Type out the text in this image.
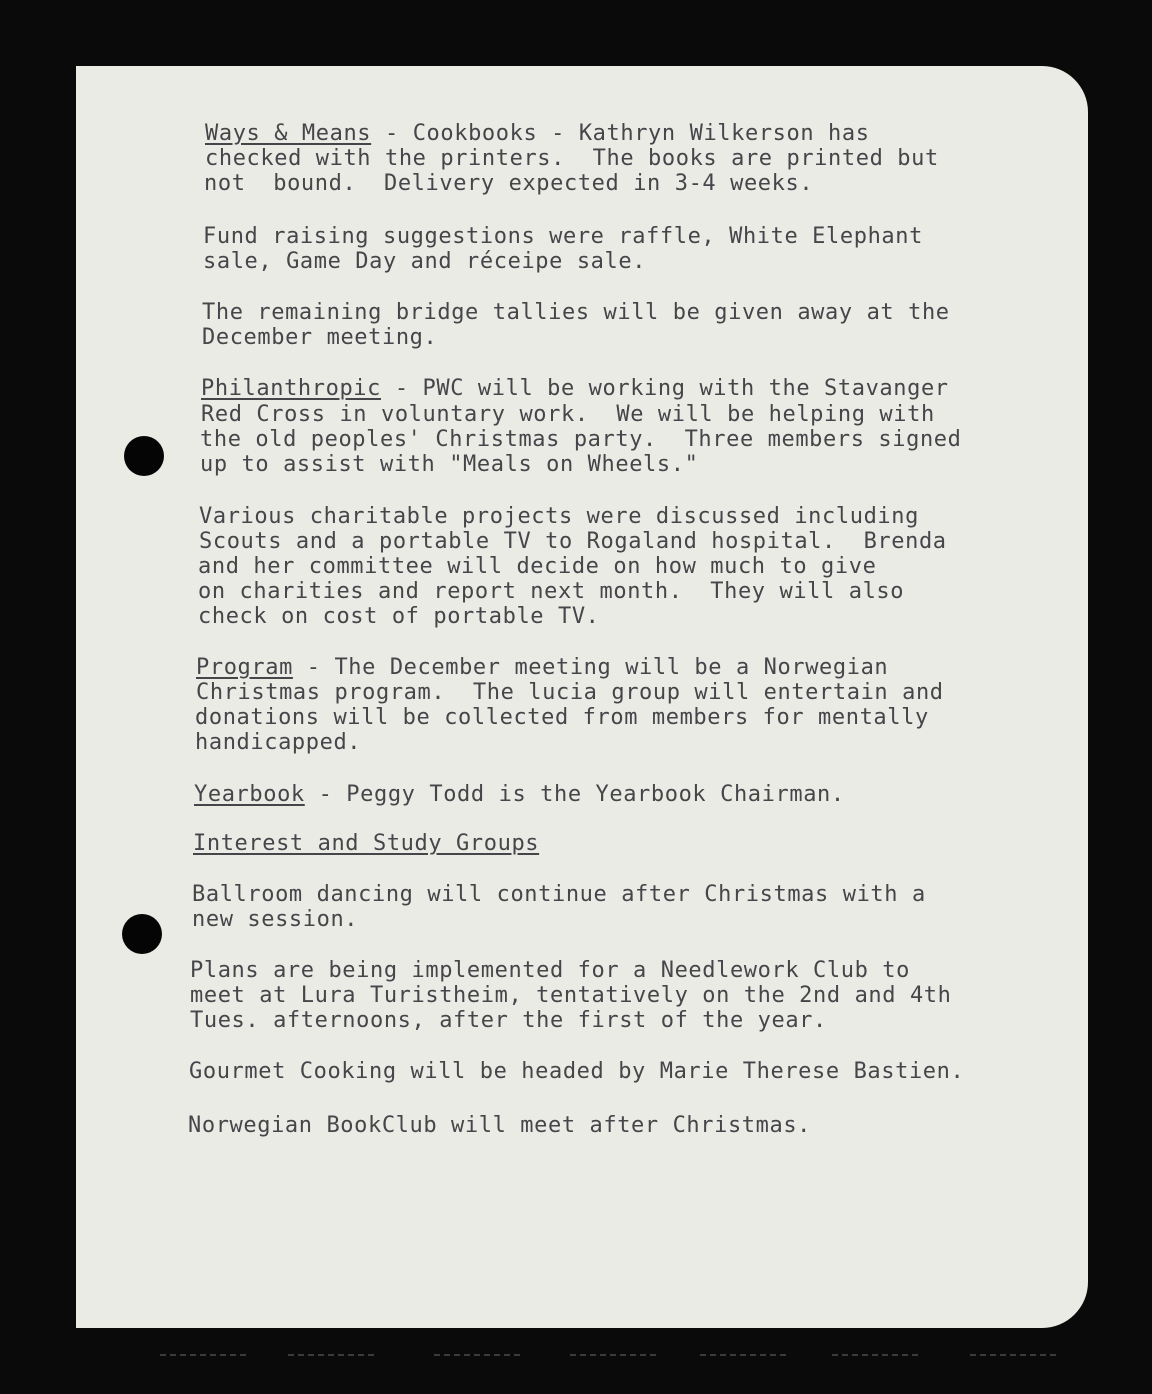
Ways & Means - Cookbooks - Kathryn Wilkerson has

checked with the printers.  The books are printed but

not  bound.  Delivery expected in 3-4 weeks.

Fund raising suggestions were raffle, White Elephant

sale, Game Day and réceipe sale.

The remaining bridge tallies will be given away at the

December meeting.

Philanthropic - PWC will be working with the Stavanger

Red Cross in voluntary work.  We will be helping with

the old peoples' Christmas party.  Three members signed

up to assist with "Meals on Wheels."

Various charitable projects were discussed including

Scouts and a portable TV to Rogaland hospital.  Brenda

and her committee will decide on how much to give

on charities and report next month.  They will also

check on cost of portable TV.

Program - The December meeting will be a Norwegian

Christmas program.  The lucia group will entertain and

donations will be collected from members for mentally

handicapped.

Yearbook - Peggy Todd is the Yearbook Chairman.

Interest and Study Groups

Ballroom dancing will continue after Christmas with a

new session.

Plans are being implemented for a Needlework Club to

meet at Lura Turistheim, tentatively on the 2nd and 4th

Tues. afternoons, after the first of the year.

Gourmet Cooking will be headed by Marie Therese Bastien.

Norwegian BookClub will meet after Christmas.
